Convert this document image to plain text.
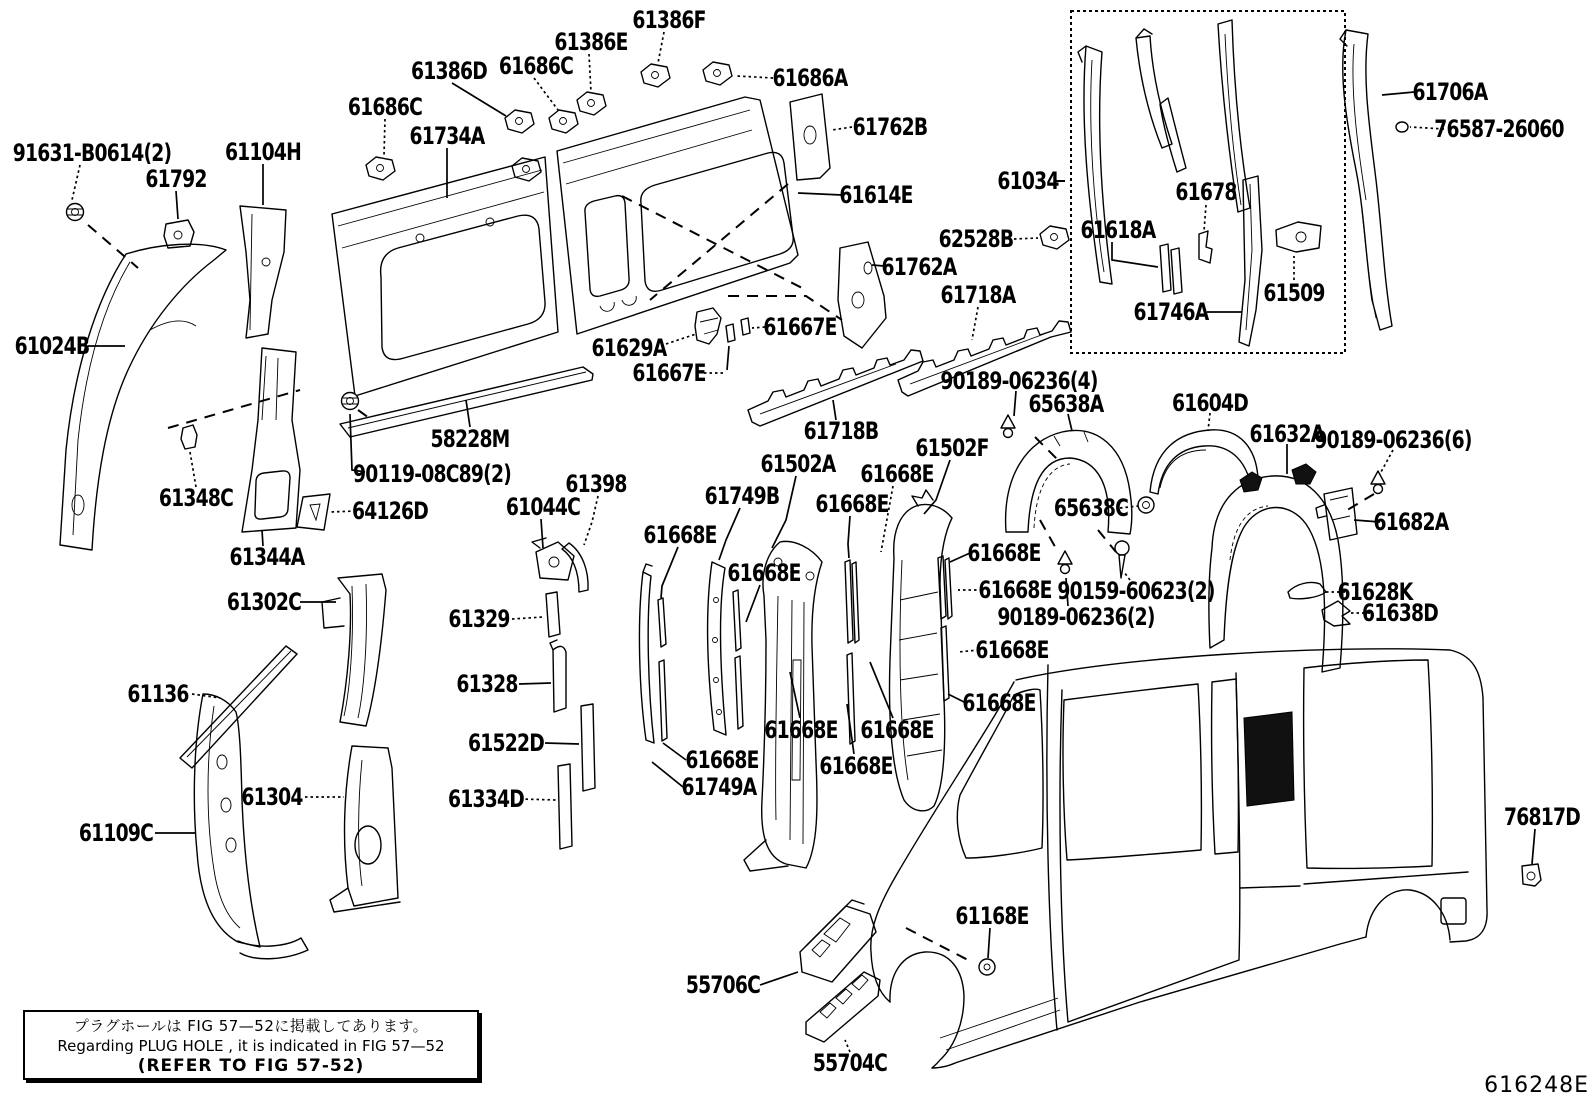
91631-B0614(2)
61792
61104H
61686C
61386D 61686C
61386E
61386F
61686A
61762B
61734A
61614E	61034
62528B	61618A
61678
61746A
61509
61706A
76587-26060
61024B
61762A
61718A
61667E
61629A
61667E
58228M
90119-08C89(2)
61348C	64126D
61344A
61718B
90189-06236(4)
65638A	61604D
61632A
90189-06236(6)
65638C	61682A
90159-60623(2)
90189-06236(2)
61628K
61638D
61398
61044C
61668E
61749B
61502A
61668E
61668E
61502F
61668E
61668E
61668E
61668E
61668E
61668E 61668E
61668E
61668E
61749A
61302C
61329
61136	61328
61522D
61304	61334D
61109C
55706C
61168E
55704C
76817D
プラグホールは FIG 57—52に掲載してあります。
Regarding PLUG HOLE , it is indicated in FIG 57—52
(REFER TO FIG 57-52)
616248E
